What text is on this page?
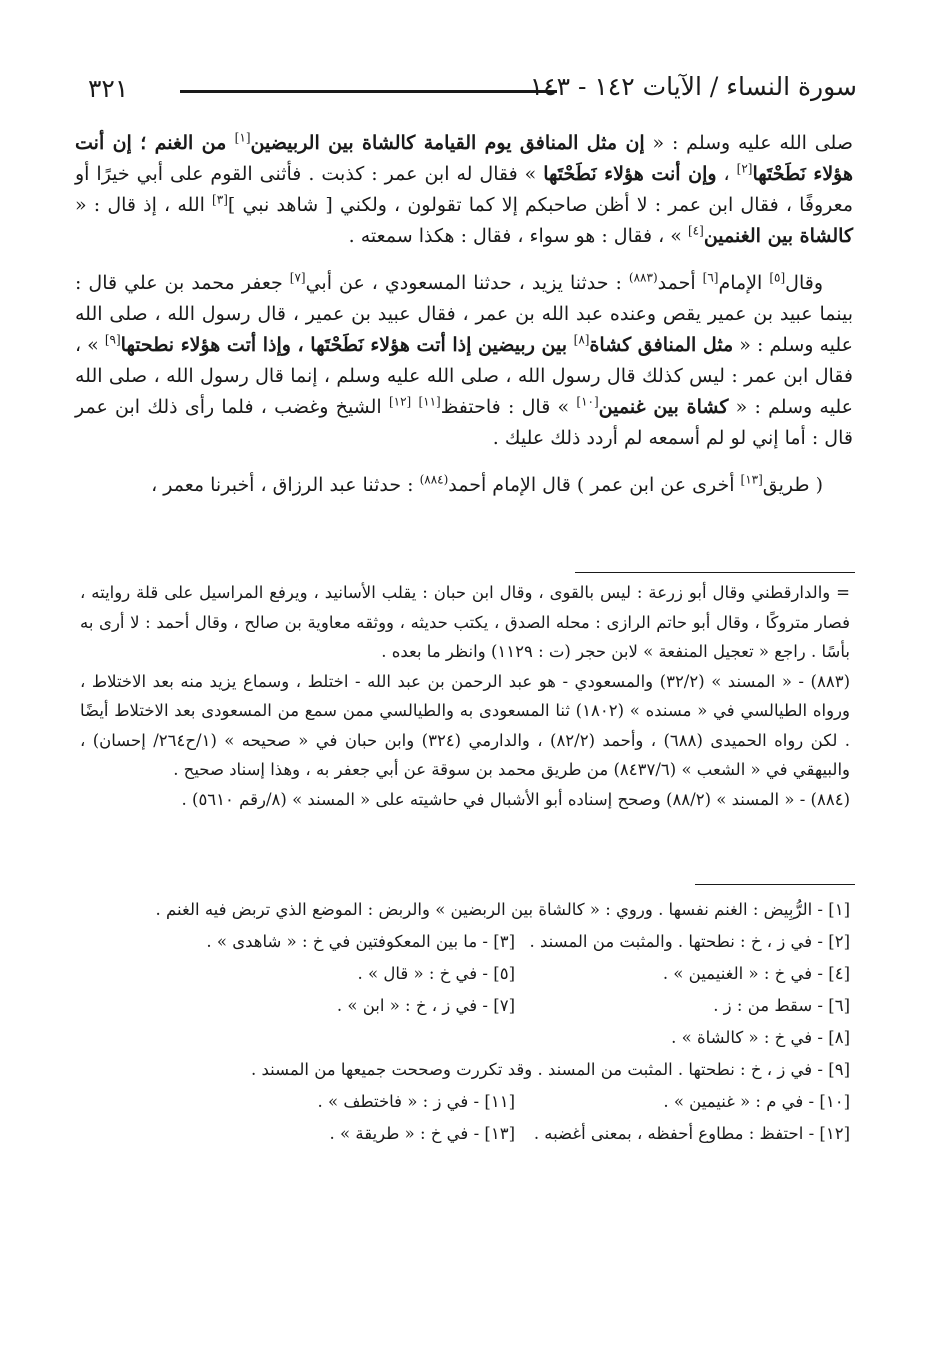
سورة النساء / الآيات ١٤٢ - ١٤٣
٣٢١

صلى الله عليه وسلم : « إن مثل المنافق يوم القيامة كالشاة بين الربيضين[١] من الغنم ؛ إن أنت هؤلاء نَطَحْتَها[٢] ، وإن أنت هؤلاء نَطَحْتَها » فقال له ابن عمر : كذبت . فأثنى القوم على أبي خيرًا أو معروفًا ، فقال ابن عمر : لا أظن صاحبكم إلا كما تقولون ، ولكني [ شاهد نبي ][٣] الله ، إذ قال : « كالشاة بين الغنمين[٤] » ، فقال : هو سواء ، فقال : هكذا سمعته .

وقال[٥] الإمام[٦] أحمد$^{(٨٨٣)}$ : حدثنا يزيد ، حدثنا المسعودي ، عن أبي[٧] جعفر محمد بن علي قال : بينما عبيد بن عمير يقص وعنده عبد الله بن عمر ، فقال عبيد بن عمير ، قال رسول الله ، صلى الله عليه وسلم : « مثل المنافق كشاة[٨] بين ربيضين إذا أتت هؤلاء نَطَحْتَها ، وإذا أتت هؤلاء نطحتها[٩] » ، فقال ابن عمر : ليس كذلك قال رسول الله ، صلى الله عليه وسلم ، إنما قال رسول الله ، صلى الله عليه وسلم : « كشاة بين غنمين[١٠] » قال : فاحتفظ[١١] [١٢] الشيخ وغضب ، فلما رأى ذلك ابن عمر قال : أما إني لو لم أسمعه لم أردد ذلك عليك .

( طريق[١٣] أخرى عن ابن عمر ) قال الإمام أحمد$^{(٨٨٤)}$ : حدثنا عبد الرزاق ، أخبرنا معمر ،

= والدارقطني وقال أبو زرعة : ليس بالقوى ، وقال ابن حبان : يقلب الأسانيد ، ويرفع المراسيل على قلة روايته ، فصار متروكًا ، وقال أبو حاتم الرازى : محله الصدق ، يكتب حديثه ، ووثقه معاوية بن صالح ، وقال أحمد : لا أرى به بأسًا . راجع « تعجيل المنفعة » لابن حجر (ت : ١١٢٩) وانظر ما بعده .

(٨٨٣) - « المسند » (٣٢/٢) والمسعودي - هو عبد الرحمن بن عبد الله - اختلط ، وسماع يزيد منه بعد الاختلاط ، ورواه الطيالسي في « مسنده » (١٨٠٢) ثنا المسعودى به والطيالسي ممن سمع من المسعودى بعد الاختلاط أيضًا . لكن رواه الحميدى (٦٨٨) ، وأحمد (٨٢/٢) ، والدارمي (٣٢٤) وابن حبان في « صحيحه » (١/ح٢٦٤/ إحسان) ، والبيهقي في « الشعب » (٨٤٣٧/٦) من طريق محمد بن سوقة عن أبي جعفر به ، وهذا إسناد صحيح .

(٨٨٤) - « المسند » (٨٨/٢) وصحح إسناده أبو الأشبال في حاشيته على « المسند » (٨/رقم ٥٦١٠) .

[١] - الرُّبِيض : الغنم نفسها . وروي : « كالشاة بين الربضين » والربض : الموضع الذي تربض فيه الغنم .
[٢] - في ز ، خ : نطحتها . والمثبت من المسند .
[٣] - ما بين المعكوفتين في خ : « شاهدى » .
[٤] - في خ : « الغنيمين » .
[٥] - في خ : « قال » .
[٦] - سقط من : ز .
[٧] - في ز ، خ : « ابن » .
[٨] - في خ : « كالشاة » .
[٩] - في ز ، خ : نطحتها . المثبت من المسند . وقد تكررت وصححت جميعها من المسند .
[١٠] - في م : « غنيمين » .
[١١] - في ز : « فاختطف » .
[١٢] - احتفظ : مطاوع أحفظه ، بمعنى أغضبه .
[١٣] - في خ : « طريقة » .
